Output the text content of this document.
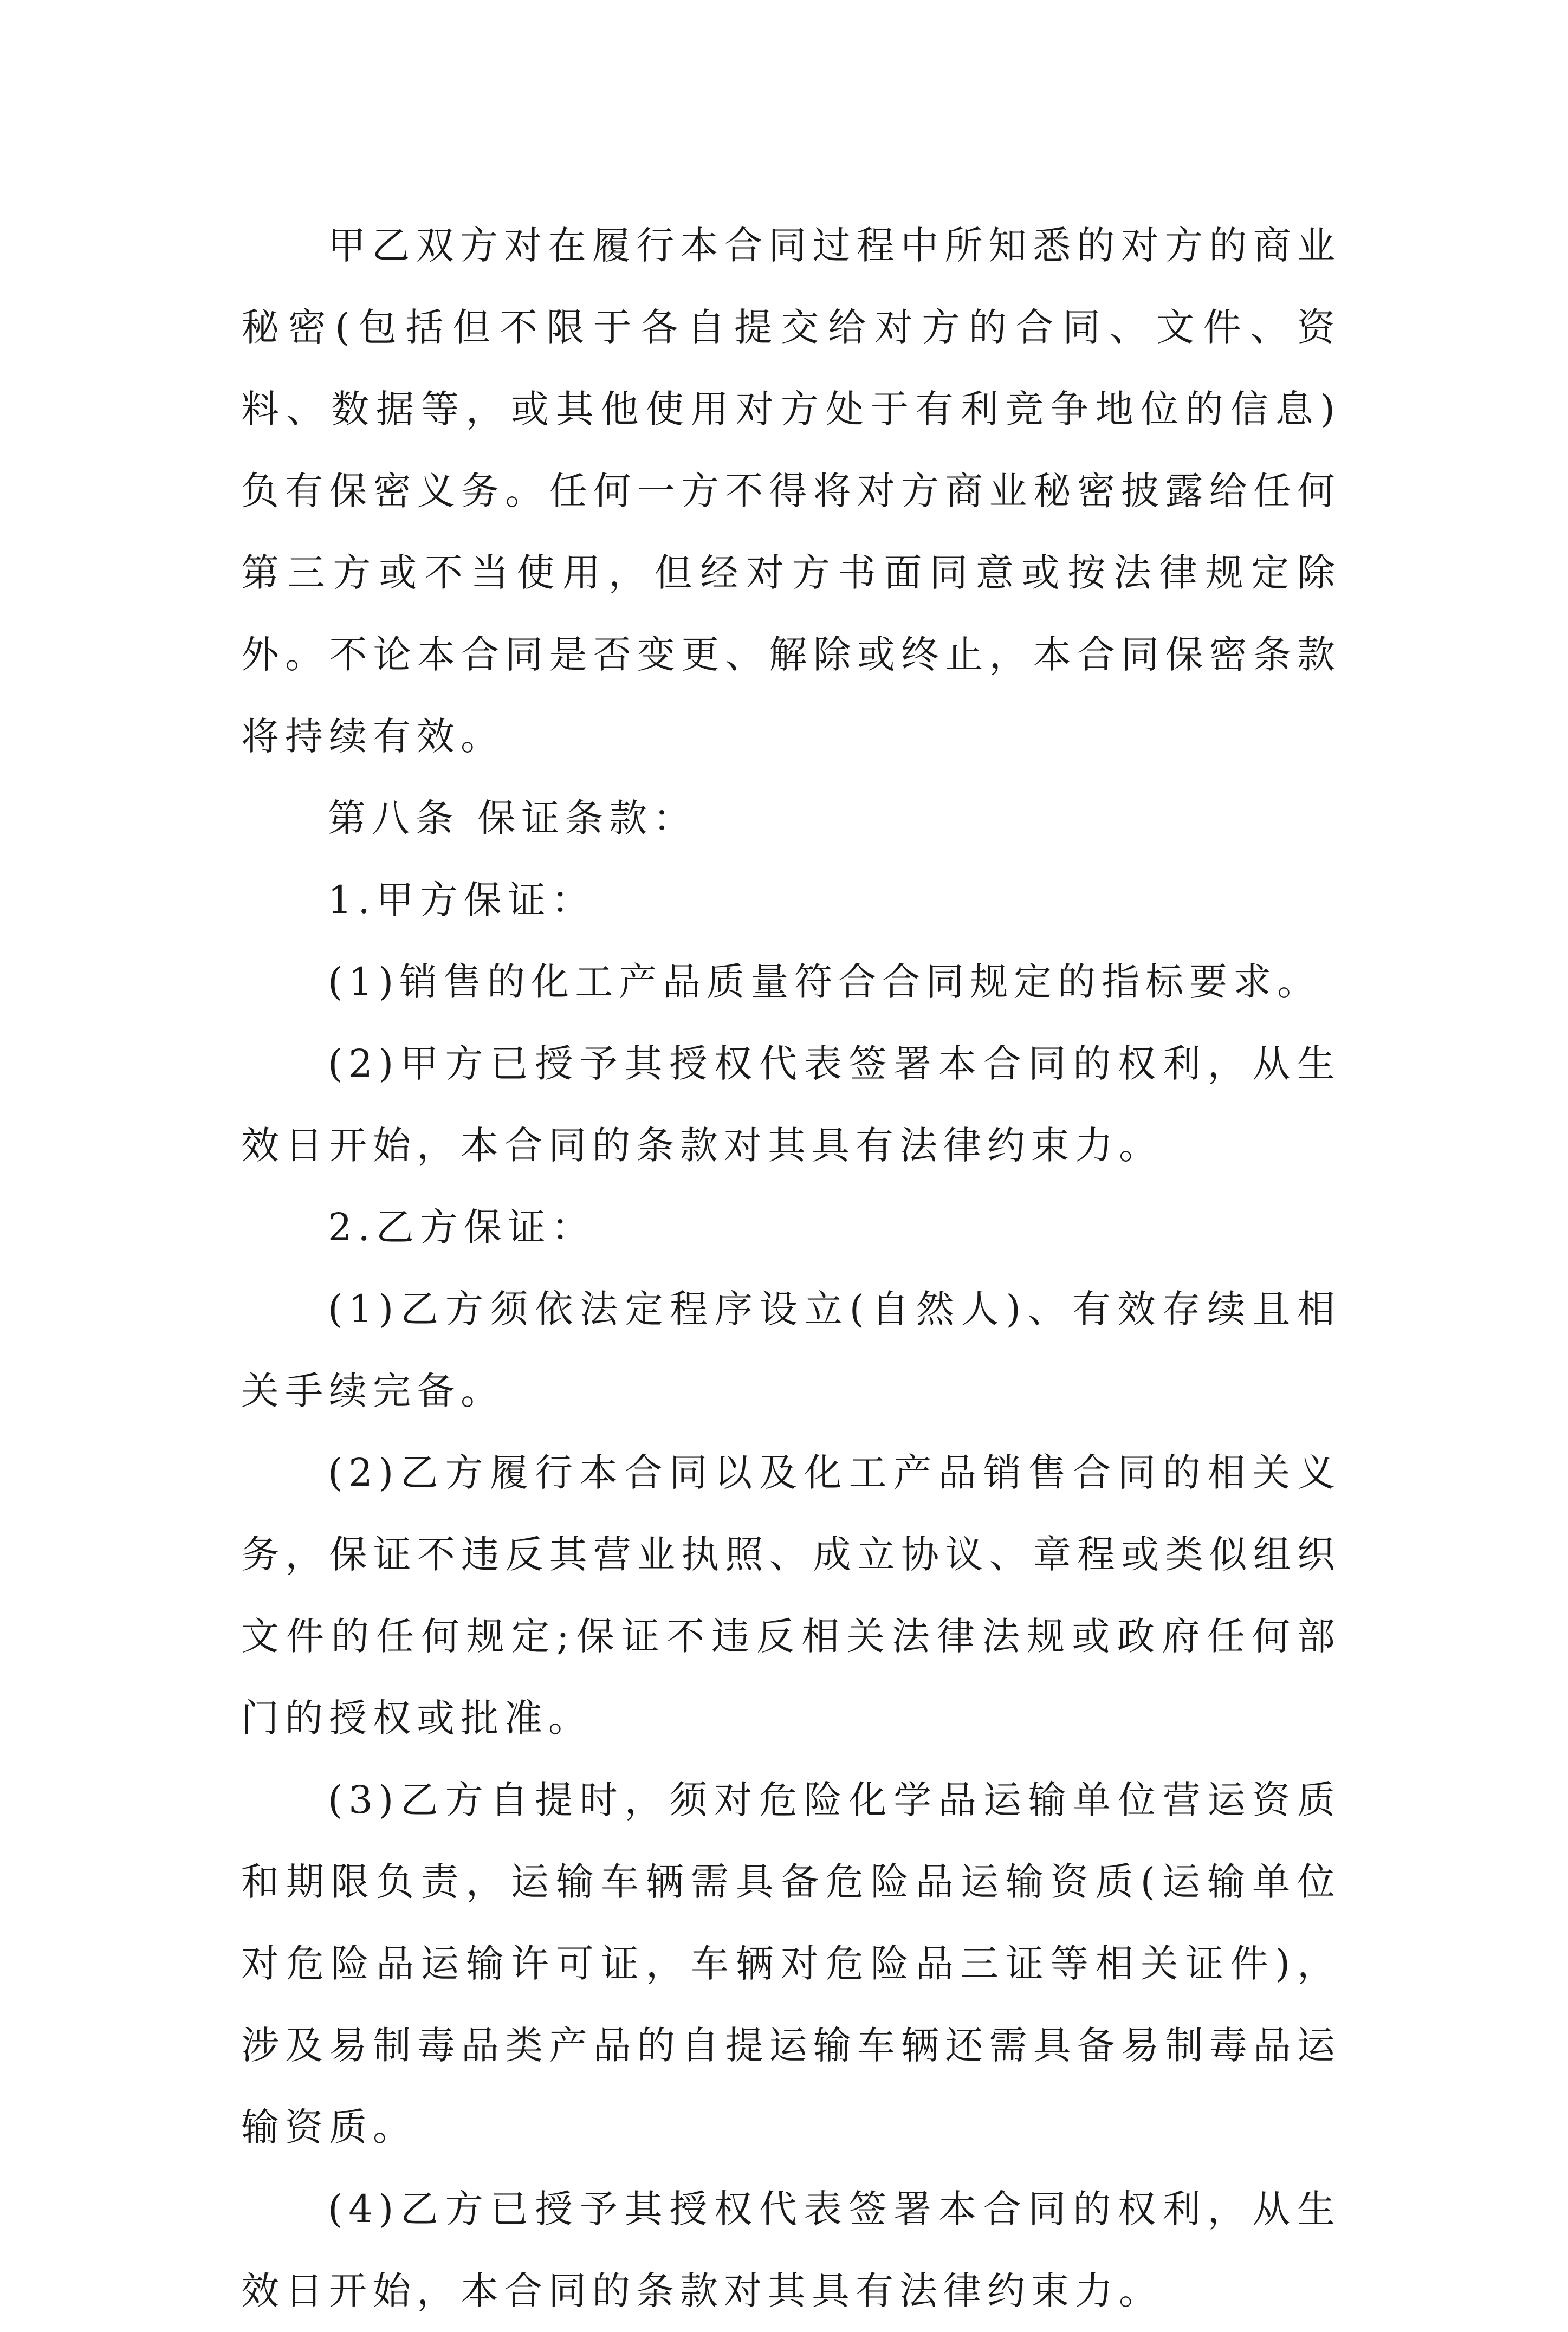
甲乙双方对在履行本合同过程中所知悉的对方的商业秘密(包括但不限于各自提交给对方的合同、文件、资料、数据等，或其他使用对方处于有利竞争地位的信息)负有保密义务。任何一方不得将对方商业秘密披露给任何第三方或不当使用，但经对方书面同意或按法律规定除外。不论本合同是否变更、解除或终止，本合同保密条款将持续有效。

第八条 保证条款：

1.甲方保证：

(1)销售的化工产品质量符合合同规定的指标要求。

(2)甲方已授予其授权代表签署本合同的权利，从生效日开始，本合同的条款对其具有法律约束力。

2.乙方保证：

(1)乙方须依法定程序设立(自然人)、有效存续且相关手续完备。

(2)乙方履行本合同以及化工产品销售合同的相关义务，保证不违反其营业执照、成立协议、章程或类似组织文件的任何规定;保证不违反相关法律法规或政府任何部门的授权或批准。

(3)乙方自提时，须对危险化学品运输单位营运资质和期限负责，运输车辆需具备危险品运输资质(运输单位对危险品运输许可证，车辆对危险品三证等相关证件)，涉及易制毒品类产品的自提运输车辆还需具备易制毒品运输资质。

(4)乙方已授予其授权代表签署本合同的权利，从生效日开始，本合同的条款对其具有法律约束力。
